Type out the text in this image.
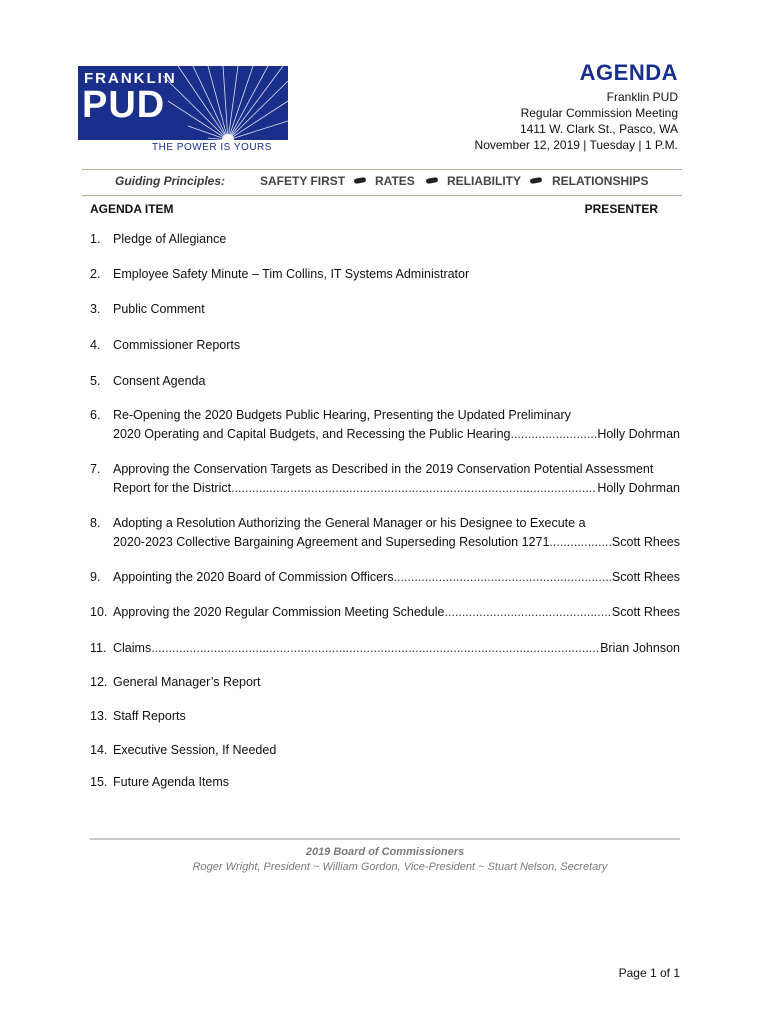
FRANKLIN
PUD
THE POWER IS YOURS
AGENDA
Franklin PUD
Regular Commission Meeting
1411 W. Clark St., Pasco, WA
November 12, 2019 | Tuesday | 1 P.M.
Guiding Principles:	SAFETY FIRST RATES	RELIABILITY	RELATIONSHIPS
AGENDA ITEM	PRESENTER
1. Pledge of Allegiance
2. Employee Safety Minute – Tim Collins, IT Systems Administrator
3. Public Comment
4. Commissioner Reports
5. Consent Agenda
6. Re-Opening the 2020 Budgets Public Hearing, Presenting the Updated Preliminary
2020 Operating and Capital Budgets, and Recessing the Public Hearing .....	Holly Dohrman
7. Approving the Conservation Targets as Described in the 2019 Conservation Potential Assessment
Report for the District .....	Holly Dohrman
8. Adopting a Resolution Authorizing the General Manager or his Designee to Execute a
2020-2023 Collective Bargaining Agreement and Superseding Resolution 1271 .....	Scott Rhees
9. Appointing the 2020 Board of Commission Officers .....	Scott Rhees
10. Approving the 2020 Regular Commission Meeting Schedule .....	Scott Rhees
11. Claims .....	Brian Johnson
12. General Manager’s Report
13. Staff Reports
14. Executive Session, If Needed
15. Future Agenda Items
2019 Board of Commissioners
Roger Wright, President ~ William Gordon, Vice-President ~ Stuart Nelson, Secretary
Page 1 of 1
